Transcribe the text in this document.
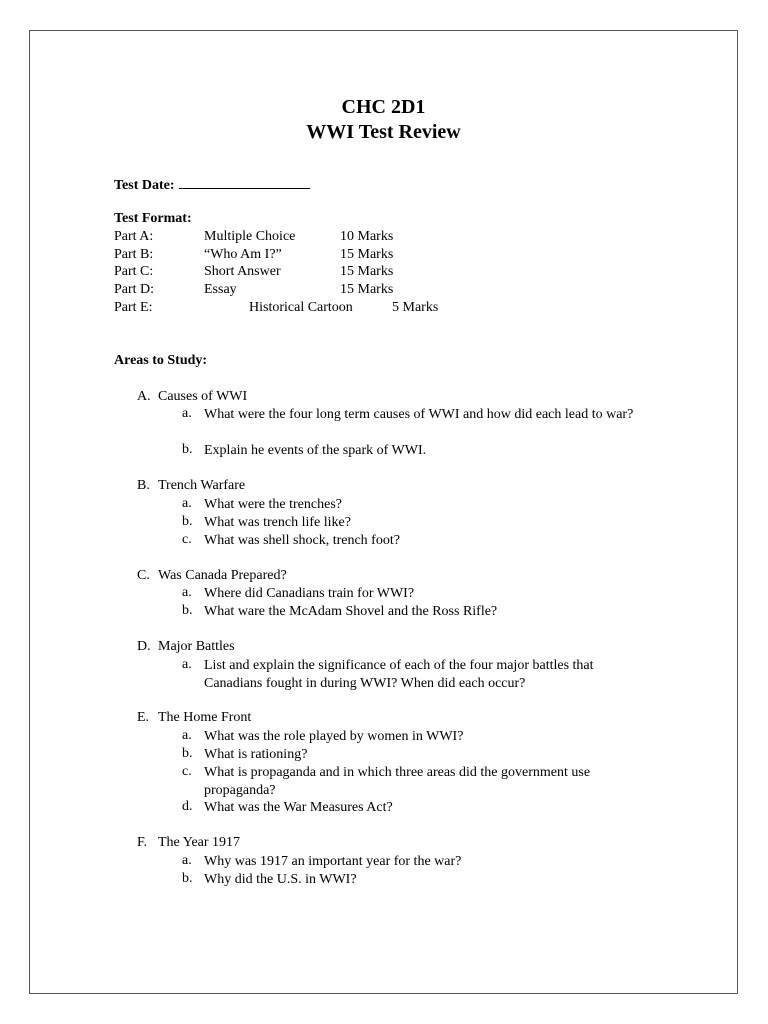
CHC 2D1
WWI Test Review
Test Date:
Test Format:
Part A:	Multiple Choice	10 Marks
Part B:	“Who Am I?”	15 Marks
Part C:	Short Answer	15 Marks
Part D:	Essay	15 Marks
Part E:	Historical Cartoon	5 Marks
Areas to Study:
A. Causes of WWI
a. What were the four long term causes of WWI and how did each lead to war?
b. Explain he events of the spark of WWI.
B. Trench Warfare
a. What were the trenches?
b. What was trench life like?
c. What was shell shock, trench foot?
C. Was Canada Prepared?
a. Where did Canadians train for WWI?
b. What ware the McAdam Shovel and the Ross Rifle?
D. Major Battles
a. List and explain the significance of each of the four major battles that Canadians fought in during WWI? When did each occur?
E. The Home Front
a. What was the role played by women in WWI?
b. What is rationing?
c. What is propaganda and in which three areas did the government use propaganda?
d. What was the War Measures Act?
F. The Year 1917
a. Why was 1917 an important year for the war?
b. Why did the U.S. in WWI?
